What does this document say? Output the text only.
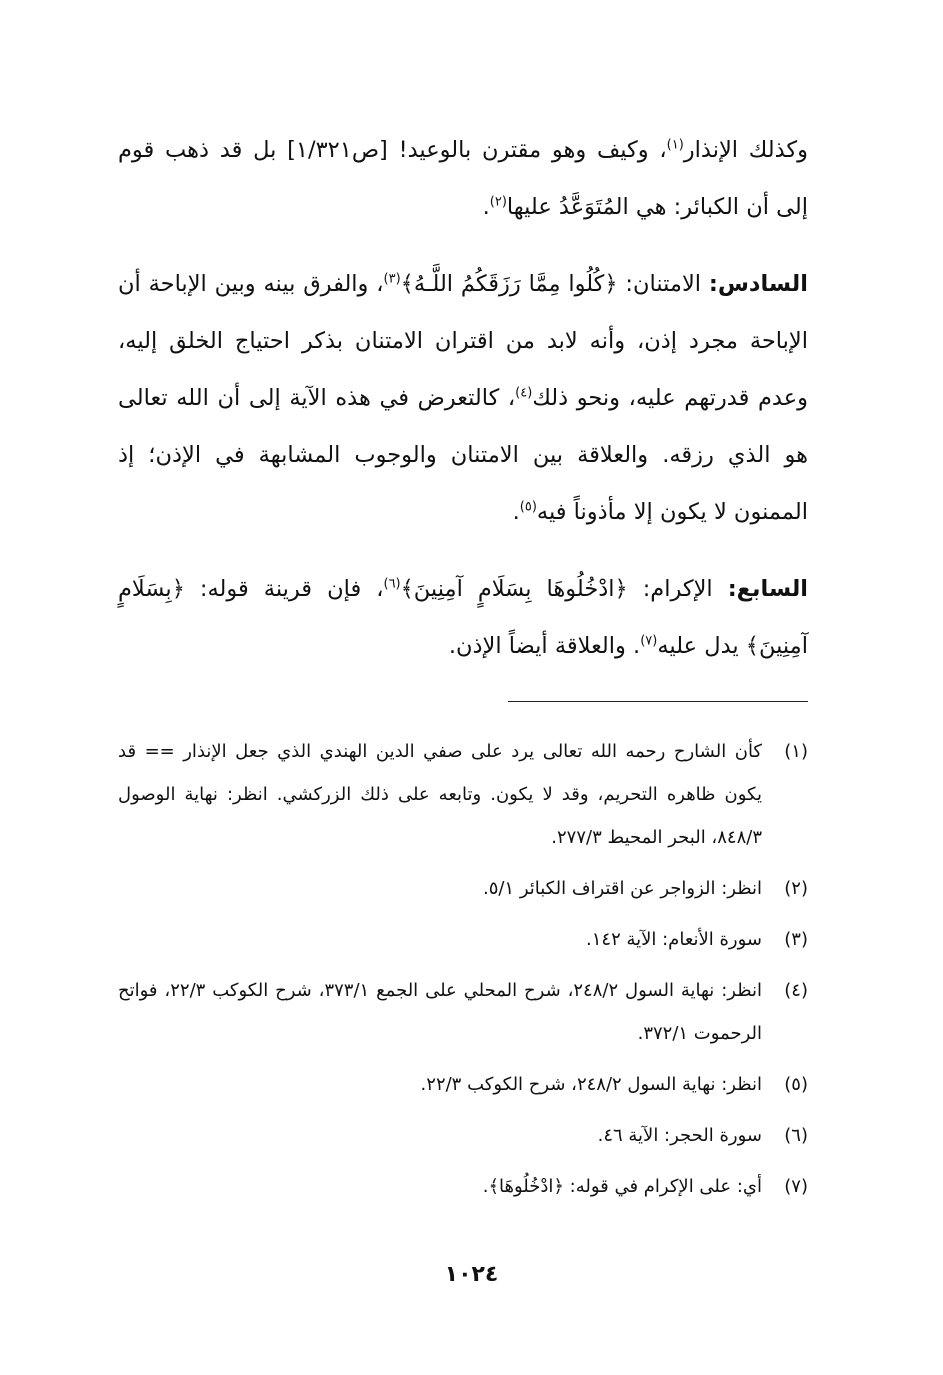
وكذلك الإنذار$^{(١)}$، وكيف وهو مقترن بالوعيد! [ص١/٣٢١] بل قد ذهب قوم إلى أن الكبائر: هي المُتَوَعَّدُ عليها$^{(٢)}$.

السادس: الامتنان: ﴿كُلُوا مِمَّا رَزَقَكُمُ اللَّـهُ﴾$^{(٣)}$، والفرق بينه وبين الإباحة أن الإباحة مجرد إذن، وأنه لابد من اقتران الامتنان بذكر احتياج الخلق إليه، وعدم قدرتهم عليه، ونحو ذلك$^{(٤)}$، كالتعرض في هذه الآية إلى أن الله تعالى هو الذي رزقه. والعلاقة بين الامتنان والوجوب المشابهة في الإذن؛ إذ الممنون لا يكون إلا مأذوناً فيه$^{(٥)}$.

السابع: الإكرام: ﴿ادْخُلُوهَا بِسَلَامٍ آمِنِينَ﴾$^{(٦)}$، فإن قرينة قوله: ﴿بِسَلَامٍ آمِنِينَ﴾ يدل عليه$^{(٧)}$. والعلاقة أيضاً الإذن.

(١)
كأن الشارح رحمه الله تعالى يرد على صفي الدين الهندي الذي جعل الإنذار == قد يكون ظاهره التحريم، وقد لا يكون. وتابعه على ذلك الزركشي. انظر: نهاية الوصول ٨٤٨/٣، البحر المحيط ٢٧٧/٣.
(٢)
انظر: الزواجر عن اقتراف الكبائر ٥/١.
(٣)
سورة الأنعام: الآية ١٤٢.
(٤)
انظر: نهاية السول ٢٤٨/٢، شرح المحلي على الجمع ٣٧٣/١، شرح الكوكب ٢٢/٣، فواتح الرحموت ٣٧٢/١.
(٥)
انظر: نهاية السول ٢٤٨/٢، شرح الكوكب ٢٢/٣.
(٦)
سورة الحجر: الآية ٤٦.
(٧)
أي: على الإكرام في قوله: ﴿ادْخُلُوهَا﴾.
١٠٢٤
